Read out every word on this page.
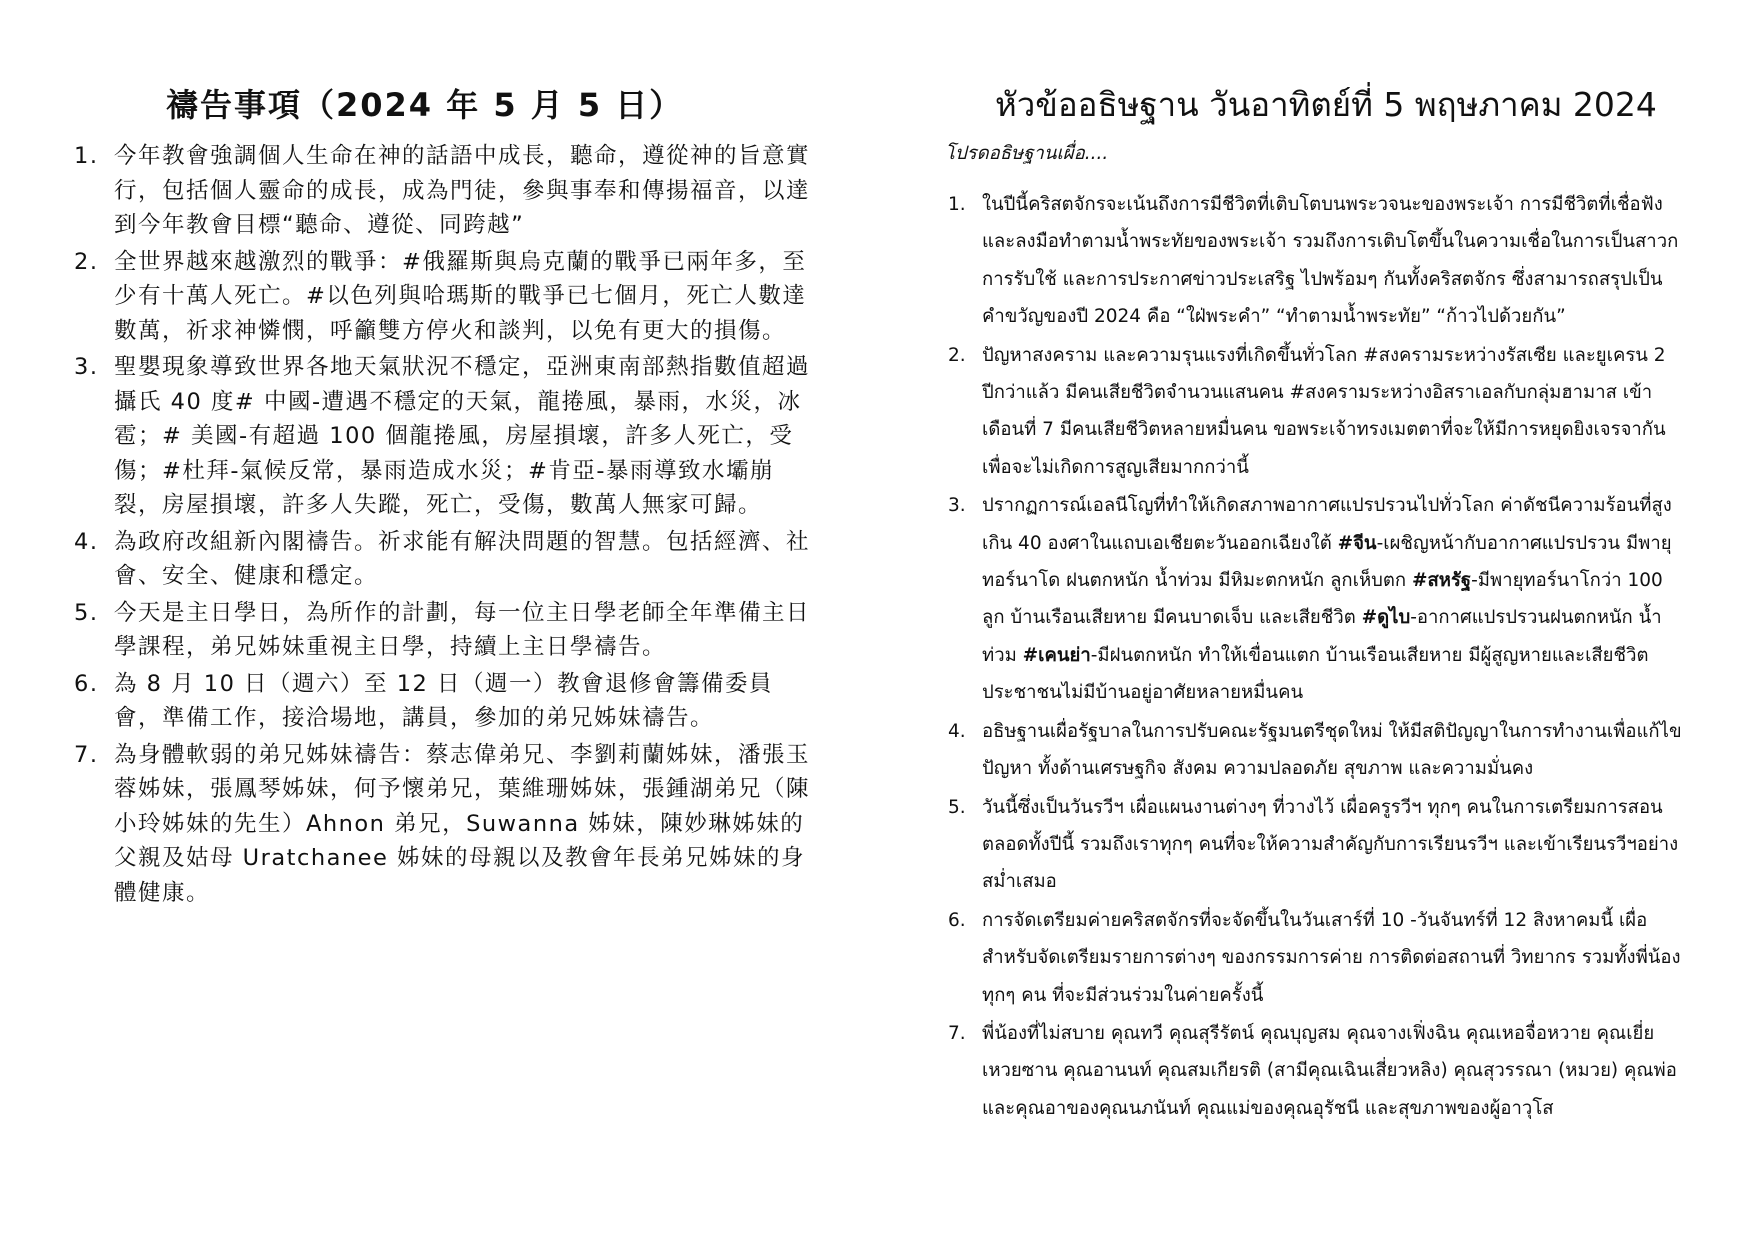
禱告事項（2024 年 5 月 5 日）
1. 今年教會強調個人生命在神的話語中成長，聽命，遵從神的旨意實行，包括個人靈命的成長，成為門徒，參與事奉和傳揚福音，以達到今年教會目標“聽命、遵從、同跨越”
2. 全世界越來越激烈的戰爭：#俄羅斯與烏克蘭的戰爭已兩年多，至少有十萬人死亡。#以色列與哈瑪斯的戰爭已七個月，死亡人數達數萬，祈求神憐憫，呼籲雙方停火和談判，以免有更大的損傷。
3. 聖嬰現象導致世界各地天氣狀況不穩定，亞洲東南部熱指數值超過攝氏 40 度# 中國-遭遇不穩定的天氣，龍捲風，暴雨，水災，冰雹；# 美國-有超過 100 個龍捲風，房屋損壞，許多人死亡，受傷；#杜拜-氣候反常，暴雨造成水災；#肯亞-暴雨導致水壩崩裂，房屋損壞，許多人失蹤，死亡，受傷，數萬人無家可歸。
4. 為政府改組新內閣禱告。祈求能有解決問題的智慧。包括經濟、社會、安全、健康和穩定。
5. 今天是主日學日，為所作的計劃，每一位主日學老師全年準備主日學課程，弟兄姊妹重視主日學，持續上主日學禱告。
6. 為 8 月 10 日（週六）至 12 日（週一）教會退修會籌備委員會，準備工作，接洽場地，講員，參加的弟兄姊妹禱告。
7. 為身體軟弱的弟兄姊妹禱告：蔡志偉弟兄、李劉莉蘭姊妹，潘張玉蓉姊妹，張鳳琴姊妹，何予懷弟兄，葉維珊姊妹，張鍾湖弟兄（陳小玲姊妹的先生）Ahnon 弟兄，Suwanna 姊妹，陳妙琳姊妹的父親及姑母 Uratchanee 姊妹的母親以及教會年長弟兄姊妹的身體健康。
หัวข้ออธิษฐาน วันอาทิตย์ที่ 5 พฤษภาคม 2024
โปรดอธิษฐานเผื่อ....
1. ในปีนี้คริสตจักรจะเน้นถึงการมีชีวิตที่เติบโตบนพระวจนะของพระเจ้า การมีชีวิตที่เชื่อฟัง และลงมือทำตามน้ำพระทัยของพระเจ้า รวมถึงการเติบโตขึ้นในความเชื่อในการเป็นสาวก การรับใช้ และการประกาศข่าวประเสริฐ ไปพร้อมๆ กันทั้งคริสตจักร ซึ่งสามารถสรุปเป็นคำขวัญของปี 2024 คือ “ใฝ่พระคำ” “ทำตามน้ำพระทัย” “ก้าวไปด้วยกัน”
2. ปัญหาสงคราม และความรุนแรงที่เกิดขึ้นทั่วโลก #สงครามระหว่างรัสเซีย และยูเครน 2 ปีกว่าแล้ว มีคนเสียชีวิตจำนวนแสนคน #สงครามระหว่างอิสราเอลกับกลุ่มฮามาส เข้าเดือนที่ 7 มีคนเสียชีวิตหลายหมื่นคน ขอพระเจ้าทรงเมตตาที่จะให้มีการหยุดยิงเจรจากัน เพื่อจะไม่เกิดการสูญเสียมากกว่านี้
3. ปรากฏการณ์เอลนีโญที่ทำให้เกิดสภาพอากาศแปรปรวนไปทั่วโลก ค่าดัชนีความร้อนที่สูงเกิน 40 องศาในแถบเอเชียตะวันออกเฉียงใต้ #จีน-เผชิญหน้ากับอากาศแปรปรวน มีพายุทอร์นาโด ฝนตกหนัก น้ำท่วม มีหิมะตกหนัก ลูกเห็บตก #สหรัฐ-มีพายุทอร์นาโกว่า 100 ลูก บ้านเรือนเสียหาย มีคนบาดเจ็บ และเสียชีวิต #ดูไบ-อากาศแปรปรวนฝนตกหนัก น้ำท่วม #เคนย่า-มีฝนตกหนัก ทำให้เขื่อนแตก บ้านเรือนเสียหาย มีผู้สูญหายและเสียชีวิต ประชาชนไม่มีบ้านอยู่อาศัยหลายหมื่นคน
4. อธิษฐานเผื่อรัฐบาลในการปรับคณะรัฐมนตรีชุดใหม่ ให้มีสติปัญญาในการทำงานเพื่อแก้ไขปัญหา ทั้งด้านเศรษฐกิจ สังคม ความปลอดภัย สุขภาพ และความมั่นคง
5. วันนี้ซึ่งเป็นวันรวีฯ เผื่อแผนงานต่างๆ ที่วางไว้ เผื่อครูรวีฯ ทุกๆ คนในการเตรียมการสอนตลอดทั้งปีนี้ รวมถึงเราทุกๆ คนที่จะให้ความสำคัญกับการเรียนรวีฯ และเข้าเรียนรวีฯอย่างสม่ำเสมอ
6. การจัดเตรียมค่ายคริสตจักรที่จะจัดขึ้นในวันเสาร์ที่ 10 -วันจันทร์ที่ 12 สิงหาคมนี้ เผื่อสำหรับจัดเตรียมรายการต่างๆ ของกรรมการค่าย การติดต่อสถานที่ วิทยากร รวมทั้งพี่น้องทุกๆ คน ที่จะมีส่วนร่วมในค่ายครั้งนี้
7. พี่น้องที่ไม่สบาย คุณทวี คุณสุรีรัตน์ คุณบุญสม คุณจางเฟิ่งฉิน คุณเหอจื่อหวาย คุณเยี่ยเหวยซาน คุณอานนท์ คุณสมเกียรติ (สามีคุณเฉินเสี่ยวหลิง) คุณสุวรรณา (หมวย) คุณพ่อและคุณอาของคุณนภนันท์ คุณแม่ของคุณอุรัชนี และสุขภาพของผู้อาวุโส
